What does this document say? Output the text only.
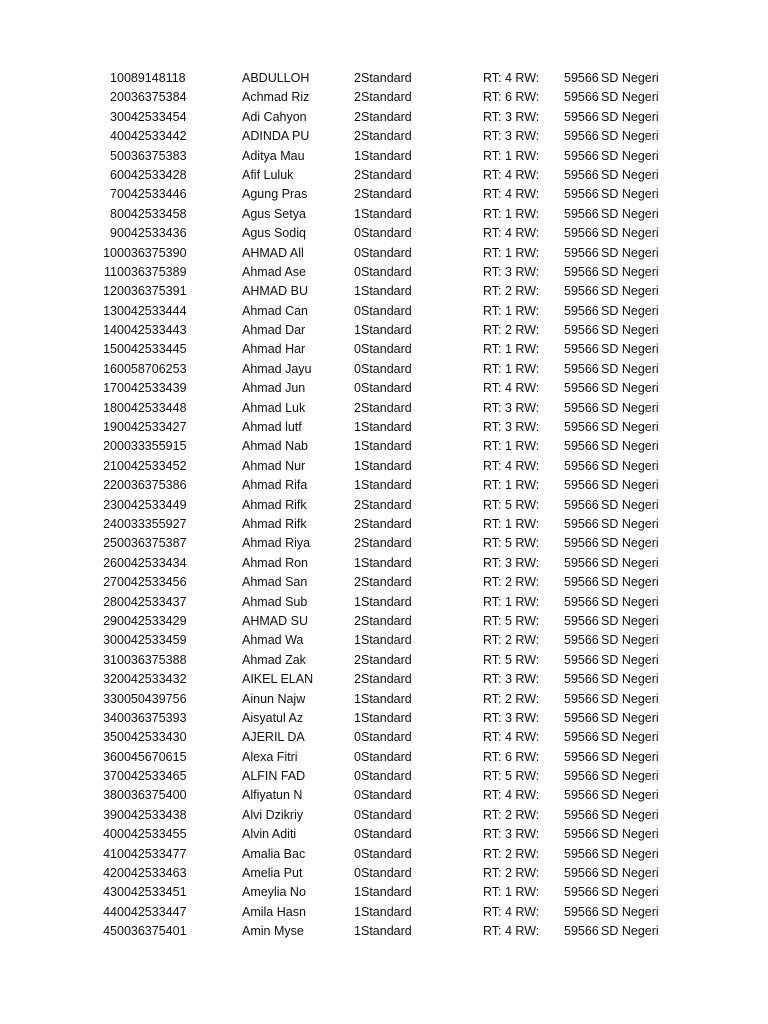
1 0089148118	ABDULLOH	2 Standard	RT: 4 RW: 59566 SD Negeri
2 0036375384	Achmad Riz	2 Standard	RT: 6 RW: 59566 SD Negeri
3 0042533454	Adi Cahyon	2 Standard	RT: 3 RW: 59566 SD Negeri
4 0042533442	ADINDA PU	2 Standard	RT: 3 RW: 59566 SD Negeri
5 0036375383	Aditya Mau	1 Standard	RT: 1 RW: 59566 SD Negeri
6 0042533428	Afif Luluk	2 Standard	RT: 4 RW: 59566 SD Negeri
7 0042533446	Agung Pras	2 Standard	RT: 4 RW: 59566 SD Negeri
8 0042533458	Agus Setya	1 Standard	RT: 1 RW: 59566 SD Negeri
9 0042533436	Agus Sodiq	0 Standard	RT: 4 RW: 59566 SD Negeri
10 0036375390	AHMAD All	0 Standard	RT: 1 RW: 59566 SD Negeri
11 0036375389	Ahmad Ase	0 Standard	RT: 3 RW: 59566 SD Negeri
12 0036375391	AHMAD BU	1 Standard	RT: 2 RW: 59566 SD Negeri
13 0042533444	Ahmad Can	0 Standard	RT: 1 RW: 59566 SD Negeri
14 0042533443	Ahmad Dar	1 Standard	RT: 2 RW: 59566 SD Negeri
15 0042533445	Ahmad Har	0 Standard	RT: 1 RW: 59566 SD Negeri
16 0058706253	Ahmad Jayu	0 Standard	RT: 1 RW: 59566 SD Negeri
17 0042533439	Ahmad Jun	0 Standard	RT: 4 RW: 59566 SD Negeri
18 0042533448	Ahmad Luk	2 Standard	RT: 3 RW: 59566 SD Negeri
19 0042533427	Ahmad lutf	1 Standard	RT: 3 RW: 59566 SD Negeri
20 0033355915	Ahmad Nab	1 Standard	RT: 1 RW: 59566 SD Negeri
21 0042533452	Ahmad Nur	1 Standard	RT: 4 RW: 59566 SD Negeri
22 0036375386	Ahmad Rifa	1 Standard	RT: 1 RW: 59566 SD Negeri
23 0042533449	Ahmad Rifk	2 Standard	RT: 5 RW: 59566 SD Negeri
24 0033355927	Ahmad Rifk	2 Standard	RT: 1 RW: 59566 SD Negeri
25 0036375387	Ahmad Riya	2 Standard	RT: 5 RW: 59566 SD Negeri
26 0042533434	Ahmad Ron	1 Standard	RT: 3 RW: 59566 SD Negeri
27 0042533456	Ahmad San	2 Standard	RT: 2 RW: 59566 SD Negeri
28 0042533437	Ahmad Sub	1 Standard	RT: 1 RW: 59566 SD Negeri
29 0042533429	AHMAD SU	2 Standard	RT: 5 RW: 59566 SD Negeri
30 0042533459	Ahmad Wa	1 Standard	RT: 2 RW: 59566 SD Negeri
31 0036375388	Ahmad Zak	2 Standard	RT: 5 RW: 59566 SD Negeri
32 0042533432	AIKEL ELAN	2 Standard	RT: 3 RW: 59566 SD Negeri
33 0050439756	Ainun Najw	1 Standard	RT: 2 RW: 59566 SD Negeri
34 0036375393	Aisyatul Az	1 Standard	RT: 3 RW: 59566 SD Negeri
35 0042533430	AJERIL DA	0 Standard	RT: 4 RW: 59566 SD Negeri
36 0045670615	Alexa Fitri	0 Standard	RT: 6 RW: 59566 SD Negeri
37 0042533465	ALFIN FAD	0 Standard	RT: 5 RW: 59566 SD Negeri
38 0036375400	Alfiyatun N	0 Standard	RT: 4 RW: 59566 SD Negeri
39 0042533438	Alvi Dzikriy	0 Standard	RT: 2 RW: 59566 SD Negeri
40 0042533455	Alvin Aditi	0 Standard	RT: 3 RW: 59566 SD Negeri
41 0042533477	Amalia Bac	0 Standard	RT: 2 RW: 59566 SD Negeri
42 0042533463	Amelia Put	0 Standard	RT: 2 RW: 59566 SD Negeri
43 0042533451	Ameylia No	1 Standard	RT: 1 RW: 59566 SD Negeri
44 0042533447	Amila Hasn	1 Standard	RT: 4 RW: 59566 SD Negeri
45 0036375401	Amin Myse	1 Standard	RT: 4 RW: 59566 SD Negeri
